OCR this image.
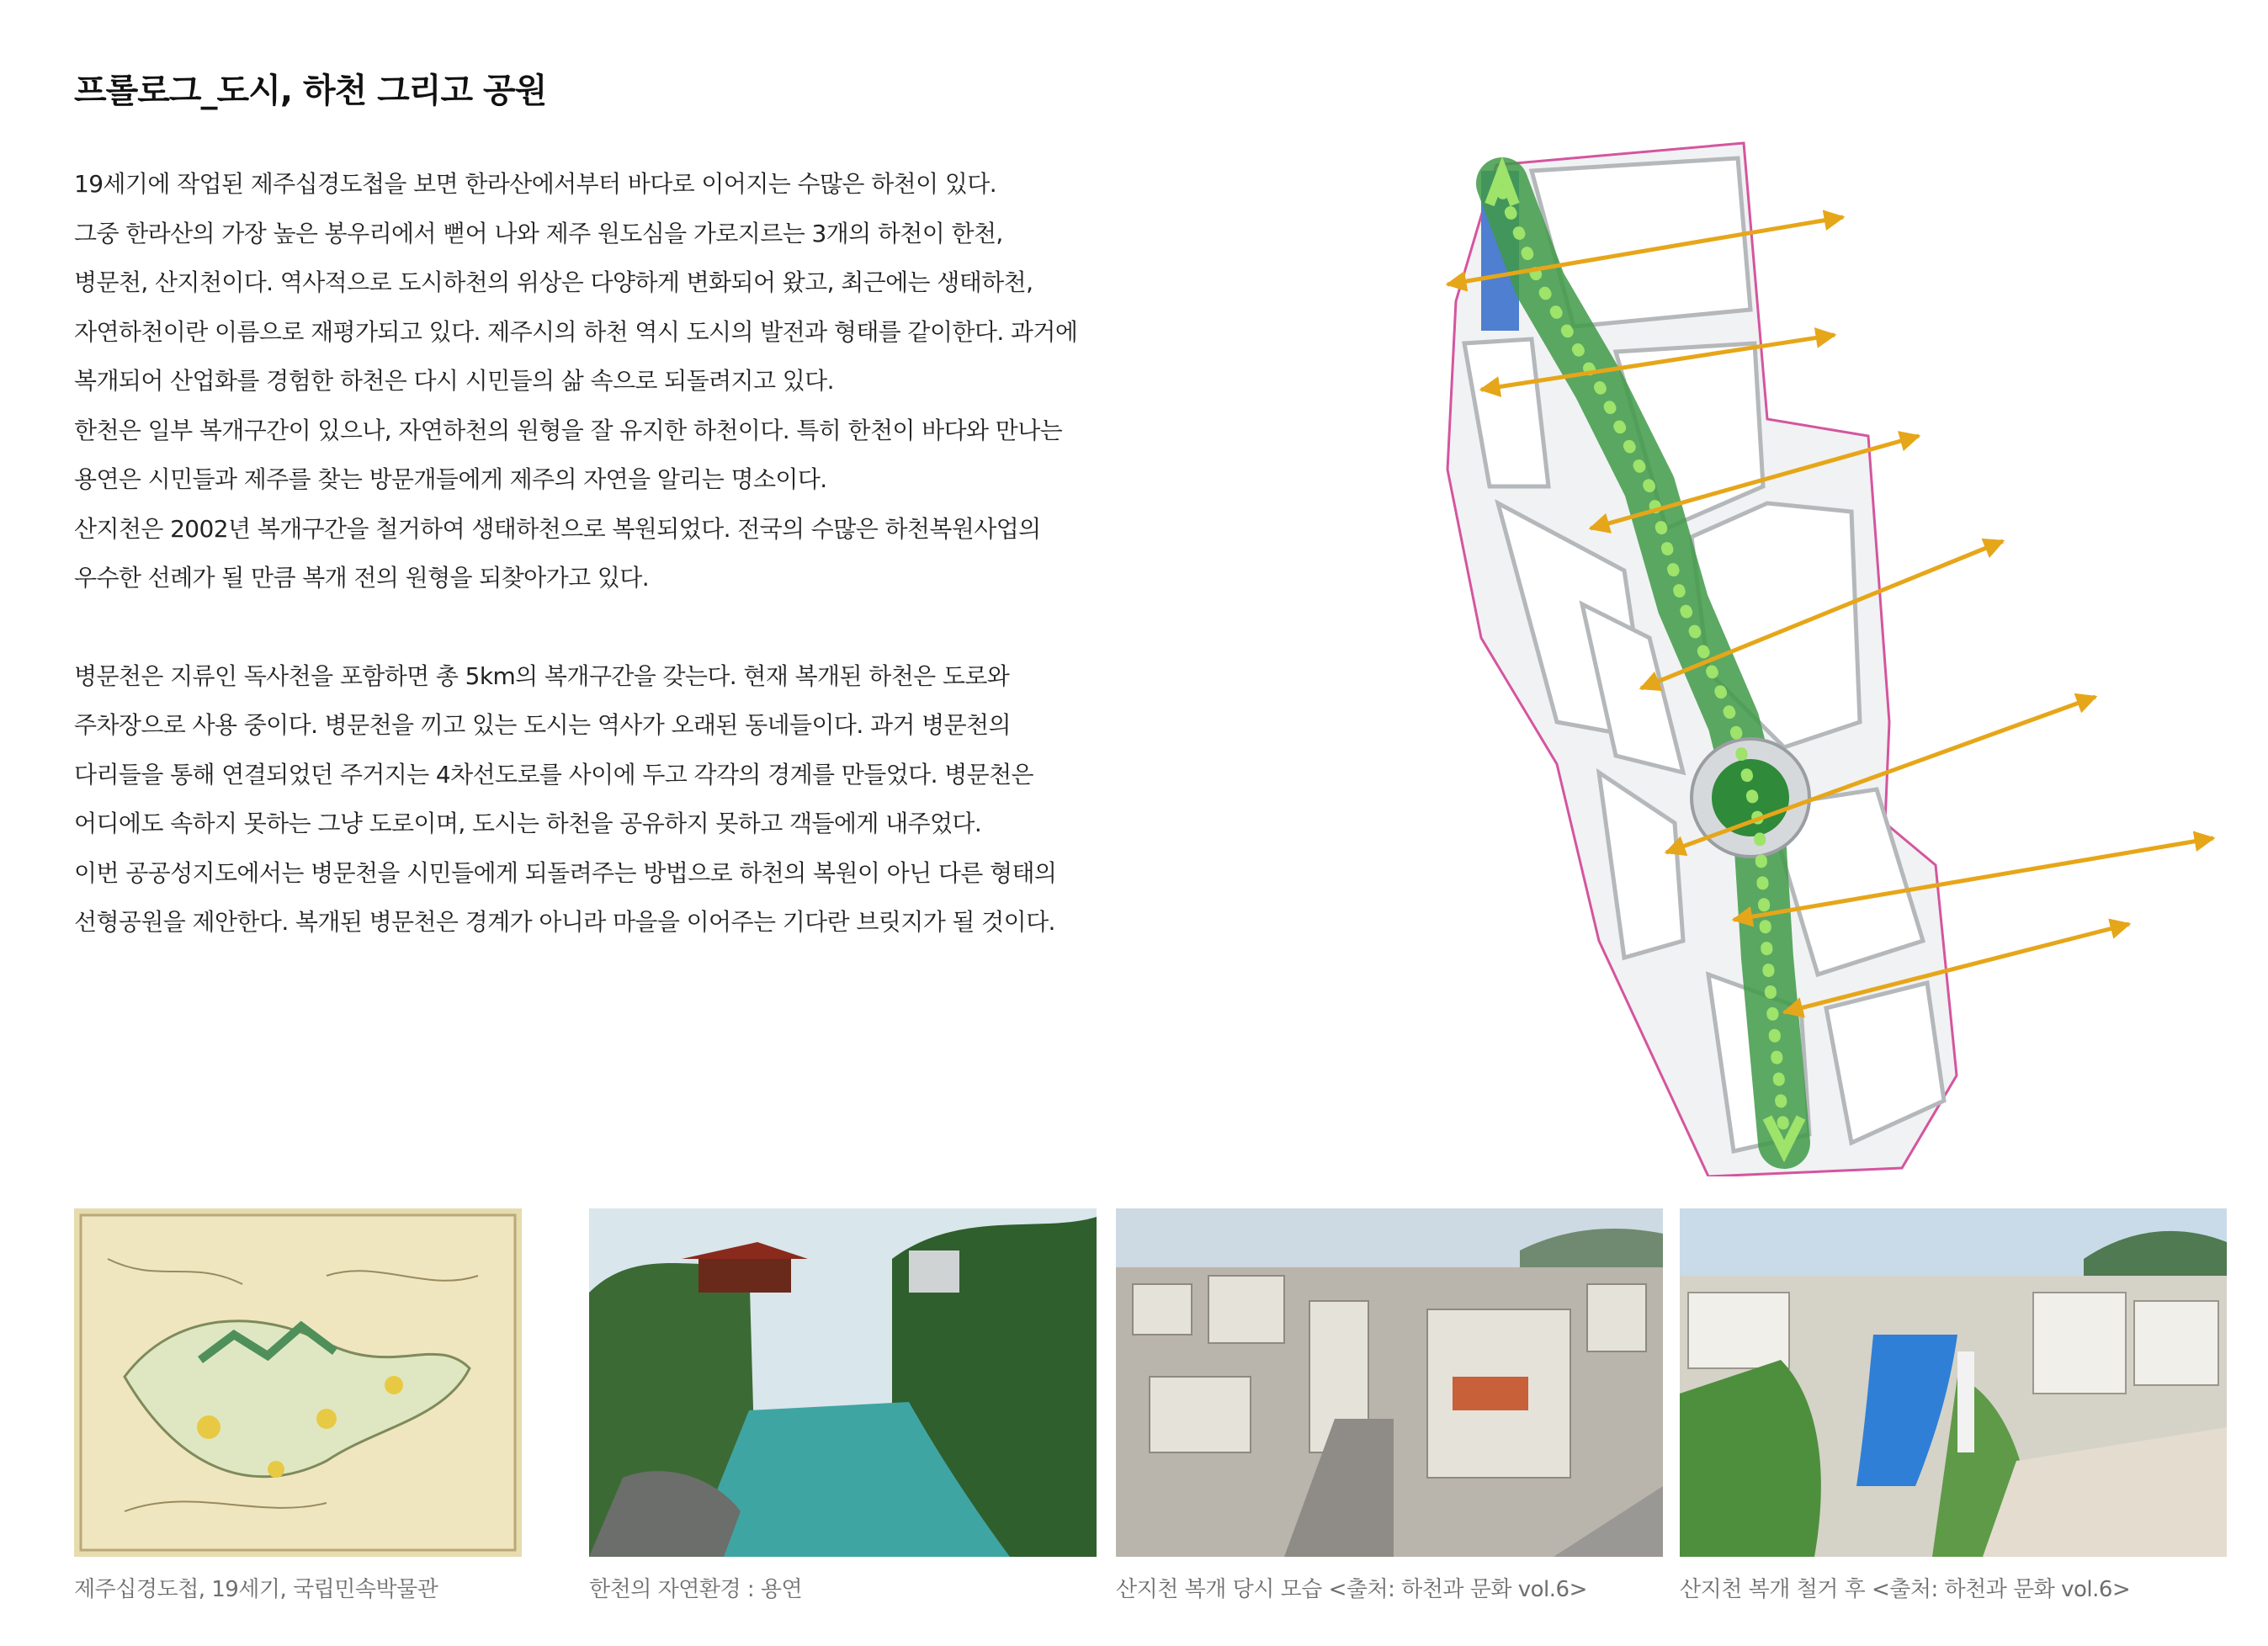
프롤로그_도시, 하천 그리고 공원

19세기에 작업된 제주십경도첩을 보면 한라산에서부터 바다로 이어지는 수많은 하천이 있다.
그중 한라산의 가장 높은 봉우리에서 뻗어 나와 제주 원도심을 가로지르는 3개의 하천이 한천,
병문천, 산지천이다. 역사적으로 도시하천의 위상은 다양하게 변화되어 왔고, 최근에는 생태하천,
자연하천이란 이름으로 재평가되고 있다. 제주시의 하천 역시 도시의 발전과 형태를 같이한다. 과거에
복개되어 산업화를 경험한 하천은 다시 시민들의 삶 속으로 되돌려지고 있다.
한천은 일부 복개구간이 있으나, 자연하천의 원형을 잘 유지한 하천이다. 특히 한천이 바다와 만나는
용연은 시민들과 제주를 찾는 방문개들에게 제주의 자연을 알리는 명소이다.
산지천은 2002년 복개구간을 철거하여 생태하천으로 복원되었다. 전국의 수많은 하천복원사업의
우수한 선례가 될 만큼 복개 전의 원형을 되찾아가고 있다.

병문천은 지류인 독사천을 포함하면 총 5km의 복개구간을 갖는다. 현재 복개된 하천은 도로와
주차장으로 사용 중이다. 병문천을 끼고 있는 도시는 역사가 오래된 동네들이다. 과거 병문천의
다리들을 통해 연결되었던 주거지는 4차선도로를 사이에 두고 각각의 경계를 만들었다. 병문천은
어디에도 속하지 못하는 그냥 도로이며, 도시는 하천을 공유하지 못하고 객들에게 내주었다.
이번 공공성지도에서는 병문천을 시민들에게 되돌려주는 방법으로 하천의 복원이 아닌 다른 형태의
선형공원을 제안한다. 복개된 병문천은 경계가 아니라 마을을 이어주는 기다란 브릿지가 될 것이다.

제주십경도첩, 19세기, 국립민속박물관	한천의 자연환경 : 용연	산지천 복개 당시 모습 <출처: 하천과 문화 vol.6>	산지천 복개 철거 후 <출처: 하천과 문화 vol.6>
